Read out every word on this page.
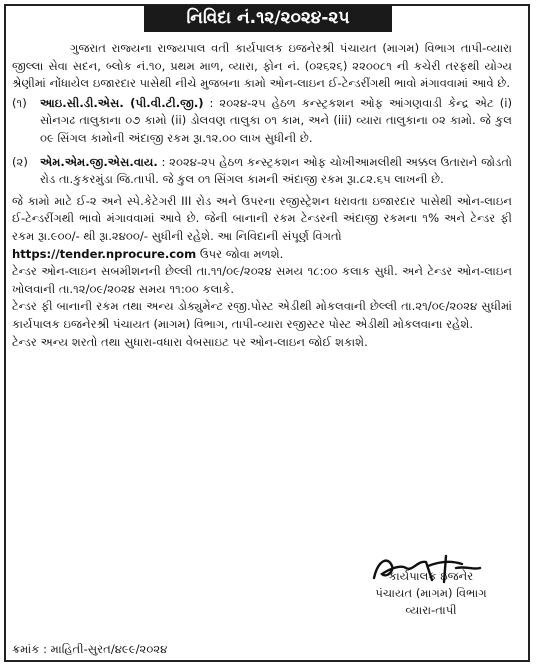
નિવિદા નં.૧૨/૨૦૨૪-૨૫

ગુજરાત રાજ્યના રાજ્યપાલ વતી કાર્યપાલક ઇજનેરશ્રી પંચાયત (માગમ) વિભાગ તાપી-વ્યારા જીલ્લા સેવા સદન, બ્લોક નં.૧૦, પ્રથમ માળ, વ્યારા, ફોન નં. (૦૨૬૨૬) ૨૨૦૦૮૧ ની કચેરી તરફથી યોગ્ય શ્રેણીમાં નોંધાયેલ ઇજારદાર પાસેથી નીચે મુજબના કામો ઓન-લાઇન ઈ-ટેન્ડરીંગથી ભાવો મંગાવવામાં આવે છે.

(૧)	આઇ.સી.ડી.એસ. (પી.વી.ટી.જી.) : ૨૦૨૪-૨૫ હેઠળ કન્સ્ટ્રકશન ઓફ આંગણવાડી કેન્દ્ર એટ (i) સોનગઢ તાલુકાના ૦૭ કામો (ii) ડોલવણ તાલુકા ૦૧ કામ, અને (iii) વ્યારા તાલુકાના ૦૨ કામો. જે કુલ ૦૯ સિંગલ કામોની અંદાજી રકમ રૂા.૧૨.૦૦ લાખ સુધીની છે.
(૨)	એમ.એમ.જી.એસ.વાય. : ૨૦૨૪-૨૫ હેઠળ કન્સ્ટ્રકશન ઓફ ચોખીઆમલીથી અક્કલ ઉતારાને જોડતો રોડ તા.કુકરમુંડા જિ.તાપી. જે કુલ ૦૧ સિંગલ કામની અંદાજી રકમ રૂા.૮૨.૬૫ લાખની છે.

જે કામો માટે ઈ-૨ અને સ્પે.કેટેગરી III રોડ અને ઉપરના રજીસ્ટ્રેશન ધરાવતા ઇજારદાર પાસેથી ઓન-લાઇન ઈ-ટેન્ડરીંગથી ભાવો મંગાવવામાં આવે છે. જેની બાનાની રકમ ટેન્ડરની અંદાજી રકમના ૧% અને ટેન્ડર ફી રકમ રૂા.૯૦૦/- થી રૂા.૨૪૦૦/- સુધીની રહેશે. આ નિવિદાની સંપૂર્ણ વિગતો
https://tender.nprocure.com ઉપર જોવા મળશે.

ટેન્ડર ઓન-લાઇન સબમીશનની છેલ્લી તા.૧૧/૦૯/૨૦૨૪ સમય ૧૮:૦૦ કલાક સુધી. અને ટેન્ડર ઓન-લાઇન ખોલવાની તા.૧૨/૦૯/૨૦૨૪ સમય ૧૧:૦૦ કલાકે.

ટેન્ડર ફી બાનાની રકમ તથા અન્ય ડોક્યુમેન્ટ રજી.પોસ્ટ એડીથી મોકલવાની છેલ્લી તા.૨૧/૦૯/૨૦૨૪ સુધીમાં કાર્યપાલક ઇજનેરશ્રી પંચાયત (માગમ) વિભાગ, તાપી-વ્યારા રજીસ્ટર પોસ્ટ એડીથી મોકલવાના રહેશે.

ટેન્ડર અન્ય શરતો તથા સુધારા-વધારા વેબસાઇટ પર ઓન-લાઇન જોઈ શકાશે.

કાર્યપાલક ઇજનેર
પંચાયત (માગમ) વિભાગ
વ્યારા-તાપી
ક્રમાંક : માહિતી-સુરત/૪૯૯/૨૦૨૪
